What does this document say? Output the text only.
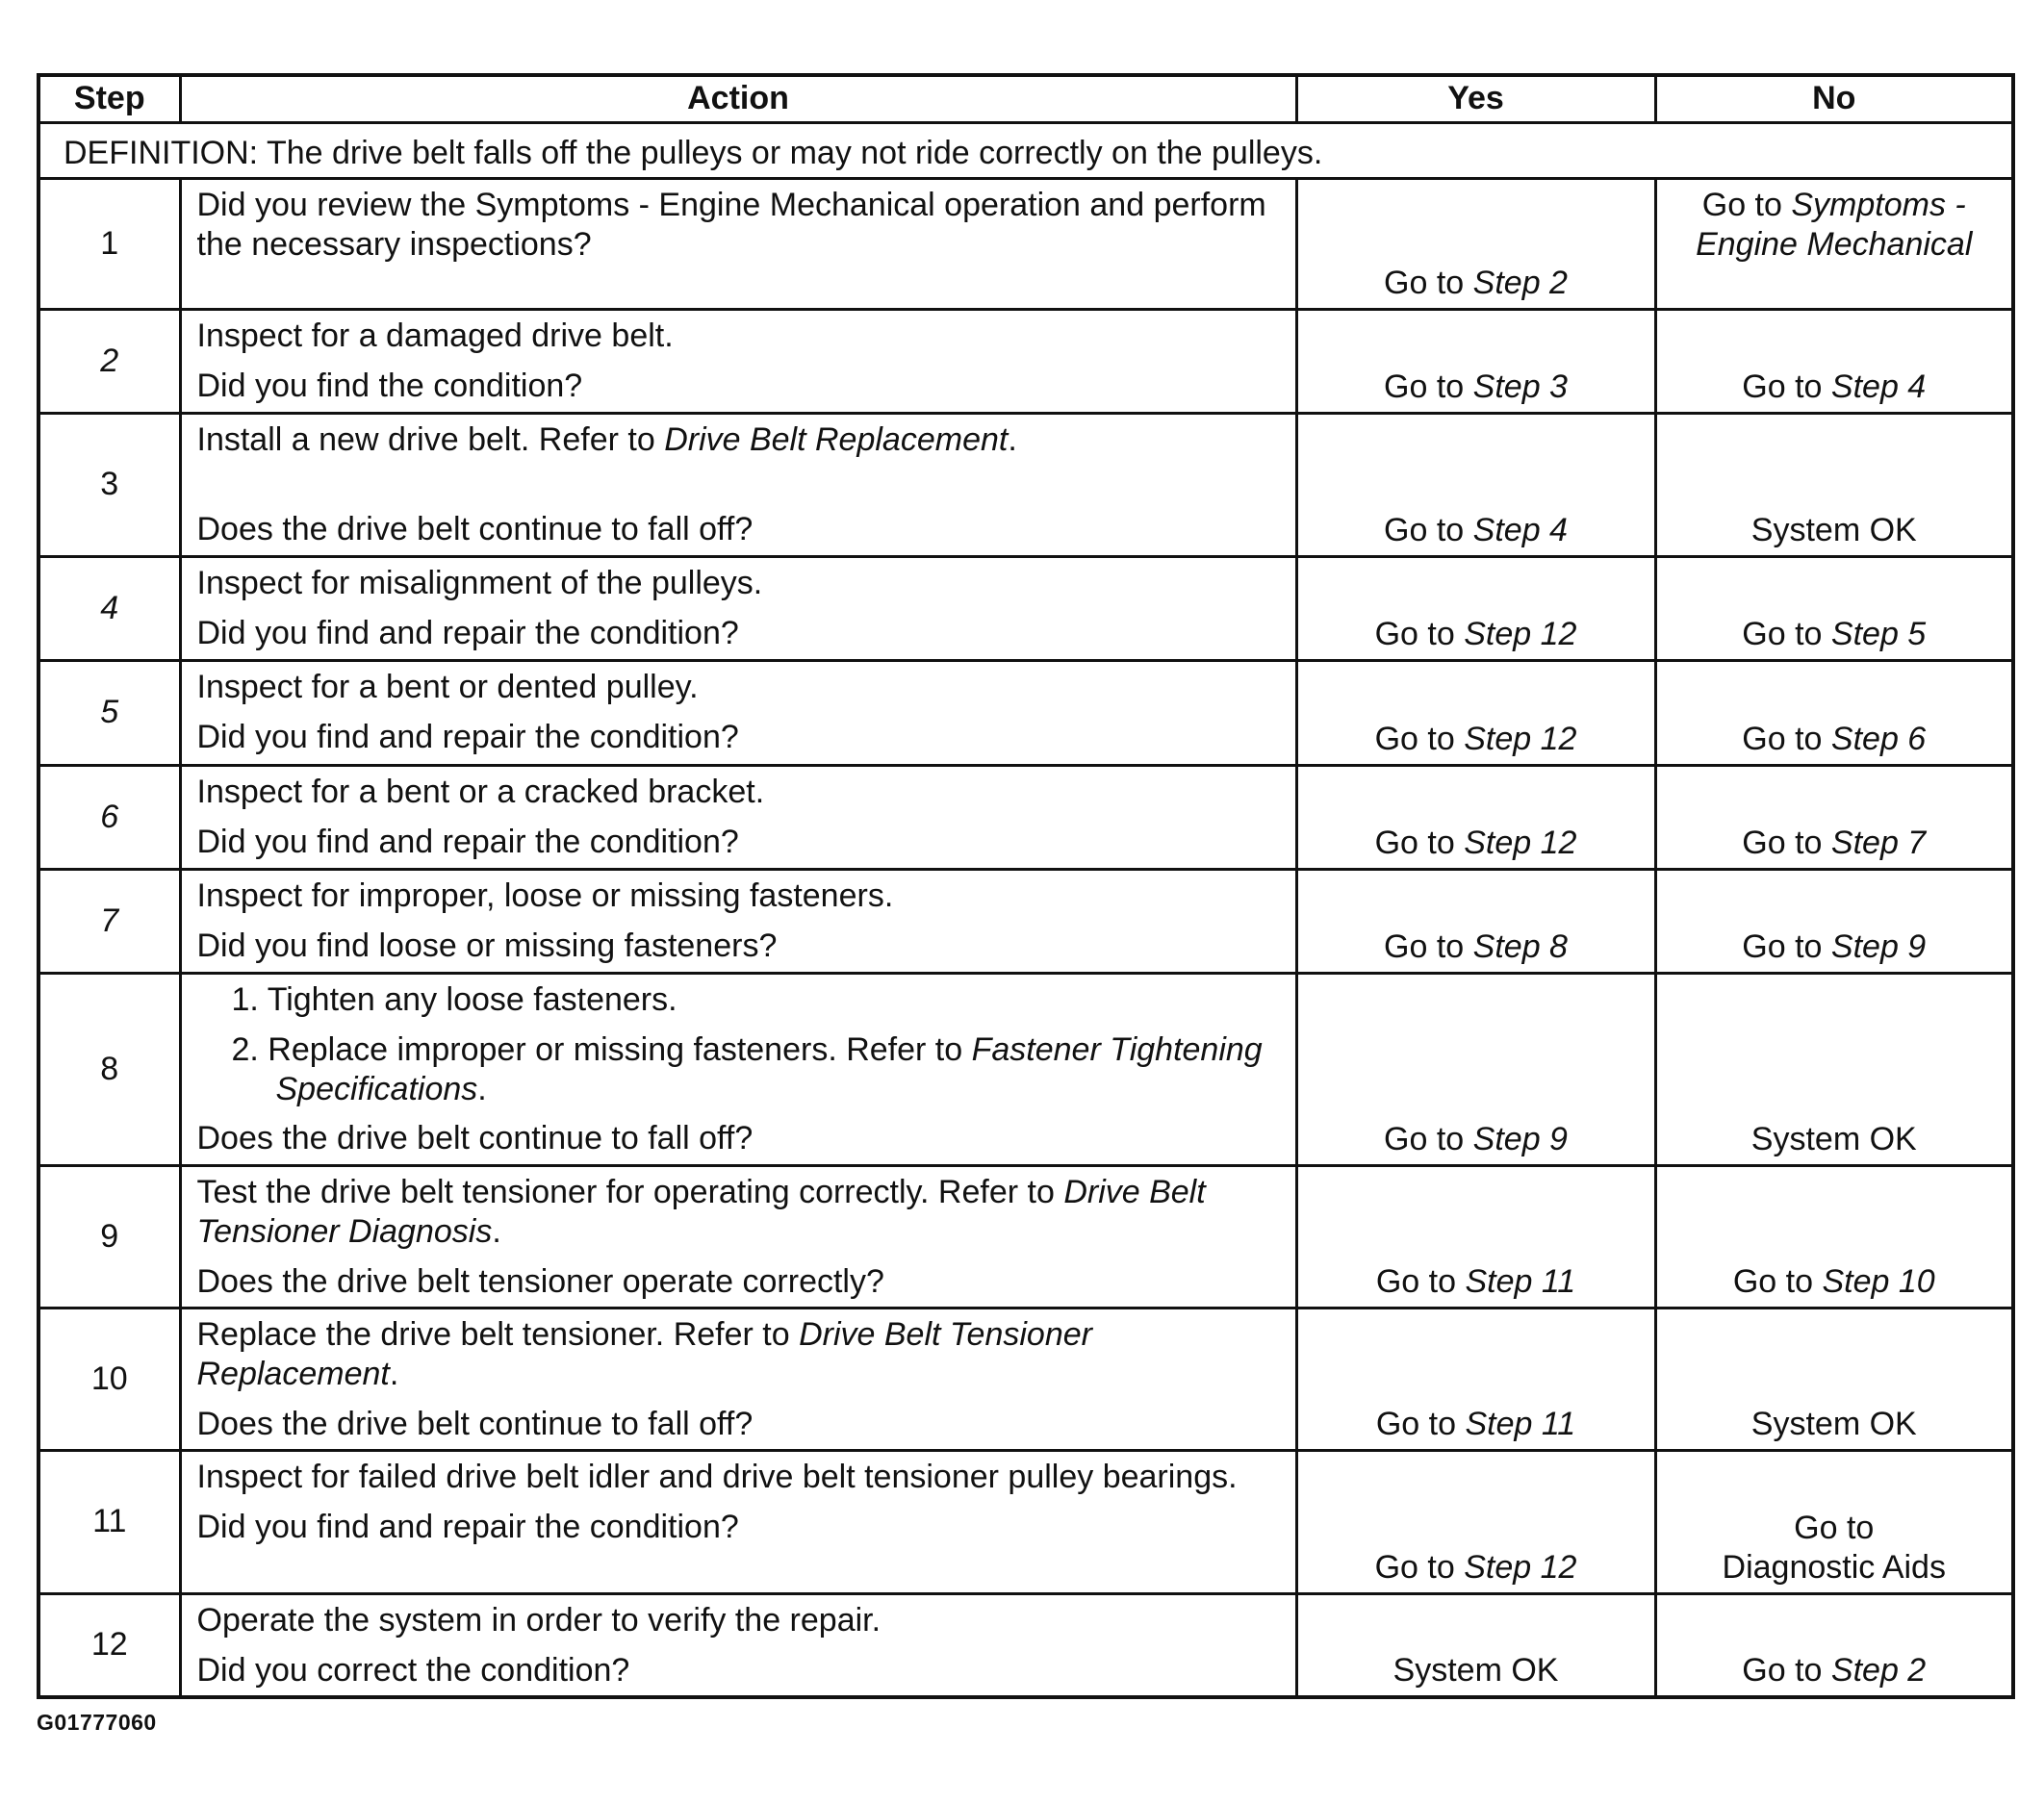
Step	Action	Yes	No
DEFINITION: The drive belt falls off the pulleys or may not ride correctly on the pulleys.			
1	Did you review the Symptoms - Engine Mechanical operation and perform the necessary inspections?	Go to Step 2	Go to Symptoms - Engine Mechanical
2	Inspect for a damaged drive belt.
Did you find the condition?	Go to Step 3	Go to Step 4
3	Install a new drive belt. Refer to Drive Belt Replacement.
Does the drive belt continue to fall off?	Go to Step 4	System OK
4	Inspect for misalignment of the pulleys.
Did you find and repair the condition?	Go to Step 12	Go to Step 5
5	Inspect for a bent or dented pulley.
Did you find and repair the condition?	Go to Step 12	Go to Step 6
6	Inspect for a bent or a cracked bracket.
Did you find and repair the condition?	Go to Step 12	Go to Step 7
7	Inspect for improper, loose or missing fasteners.
Did you find loose or missing fasteners?	Go to Step 8	Go to Step 9
8	1. Tighten any loose fasteners.
2. Replace improper or missing fasteners. Refer to Fastener Tightening Specifications.
Does the drive belt continue to fall off?	Go to Step 9	System OK
9	Test the drive belt tensioner for operating correctly. Refer to Drive Belt Tensioner Diagnosis.
Does the drive belt tensioner operate correctly?	Go to Step 11	Go to Step 10
10	Replace the drive belt tensioner. Refer to Drive Belt Tensioner Replacement.
Does the drive belt continue to fall off?	Go to Step 11	System OK
11	Inspect for failed drive belt idler and drive belt tensioner pulley bearings.
Did you find and repair the condition?	Go to Step 12	Go to
Diagnostic Aids

12	Operate the system in order to verify the repair.
Did you correct the condition?	System OK	Go to Step 2
G01777060
